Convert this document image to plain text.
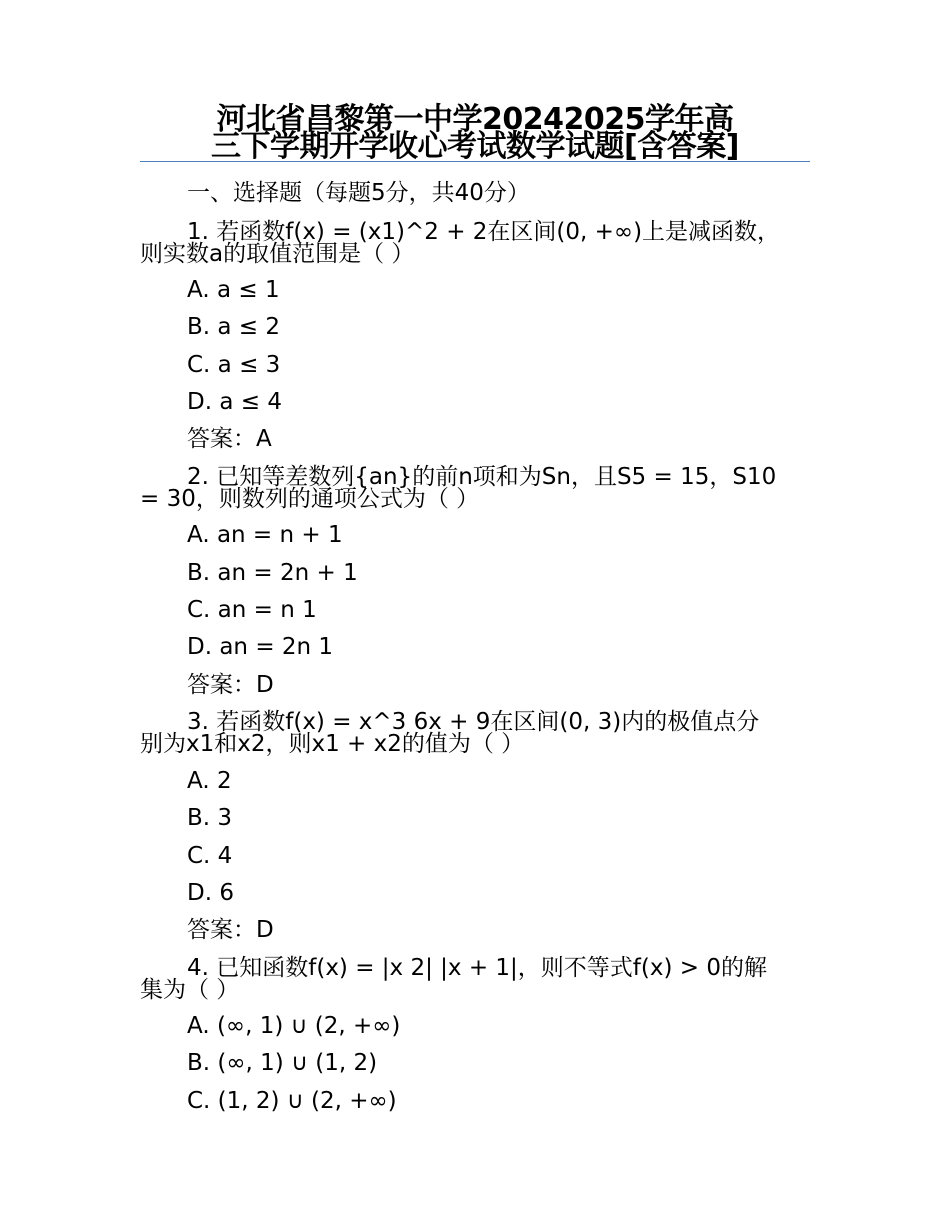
河北省昌黎第一中学20242025学年高
三下学期开学收心考试数学试题[含答案]
一、选择题（每题5分，共40分）
1. 若函数f(x) = (x1)^2 + 2在区间(0, +∞)上是减函数，
则实数a的取值范围是（ ）
A. a ≤ 1
B. a ≤ 2
C. a ≤ 3
D. a ≤ 4
答案：A
2. 已知等差数列{an}的前n项和为Sn，且S5 = 15，S10
= 30，则数列的通项公式为（ ）
A. an = n + 1
B. an = 2n + 1
C. an = n 1
D. an = 2n 1
答案：D
3. 若函数f(x) = x^3 6x + 9在区间(0, 3)内的极值点分
别为x1和x2，则x1 + x2的值为（ ）
A. 2
B. 3
C. 4
D. 6
答案：D
4. 已知函数f(x) = |x 2| |x + 1|，则不等式f(x) > 0的解
集为（ ）
A. (∞, 1) ∪ (2, +∞)
B. (∞, 1) ∪ (1, 2)
C. (1, 2) ∪ (2, +∞)
